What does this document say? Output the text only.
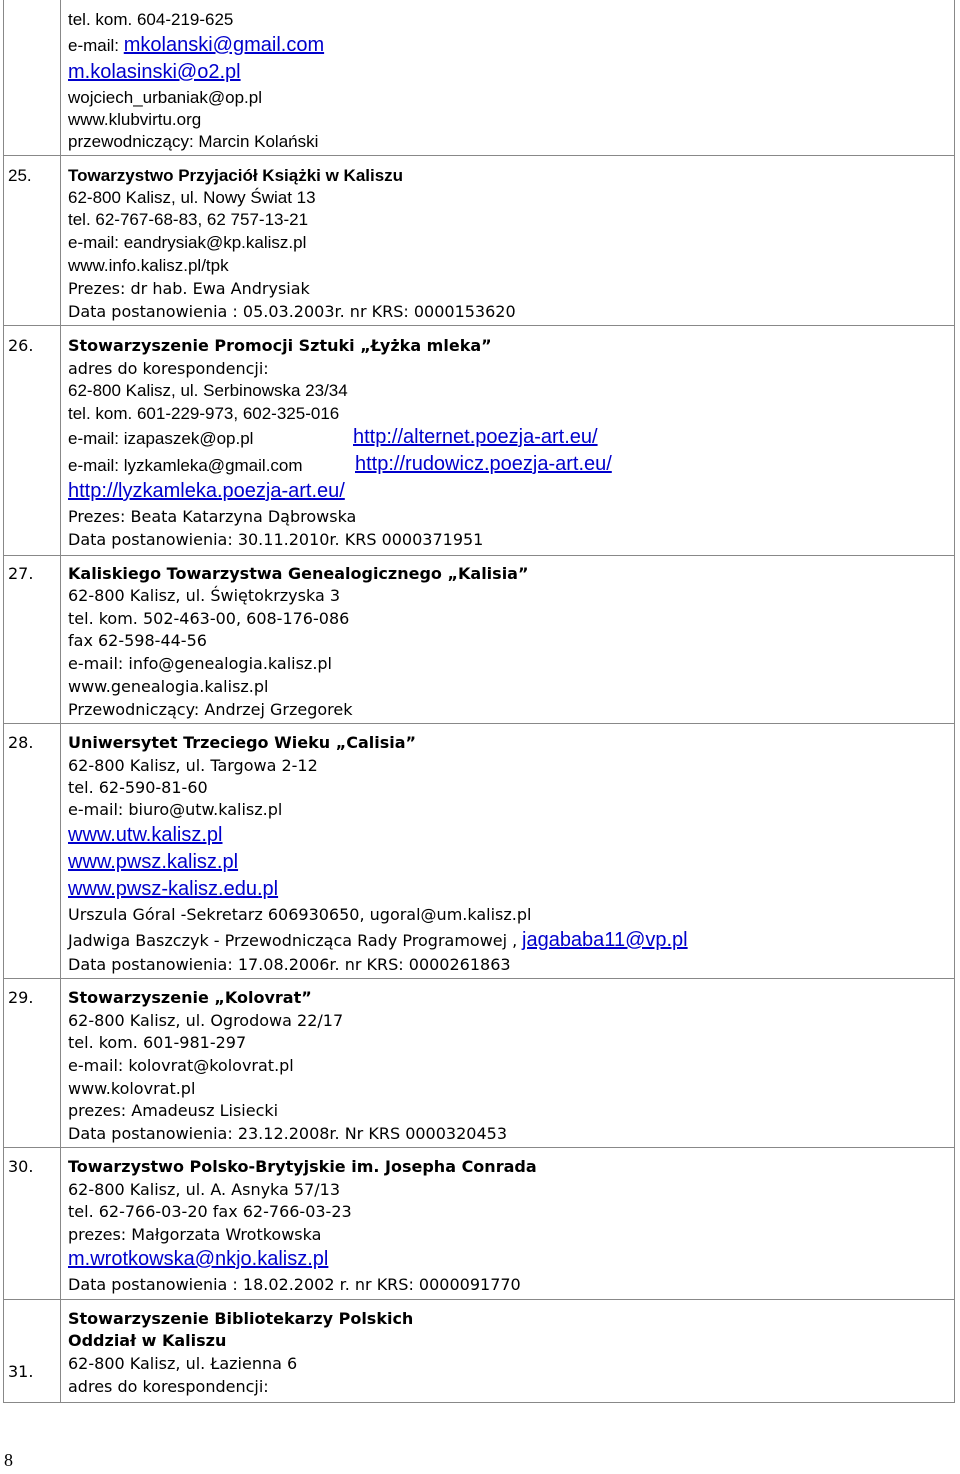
tel. kom. 604-219-625
e-mail: mkolanski@gmail.com
m.kolasinski@o2.pl
wojciech_urbaniak@op.pl
www.klubvirtu.org
przewodniczący: Marcin Kolański
25. Towarzystwo Przyjaciół Książki w Kaliszu
62-800 Kalisz, ul. Nowy Świat 13
tel. 62-767-68-83, 62 757-13-21
e-mail: eandrysiak@kp.kalisz.pl
www.info.kalisz.pl/tpk
Prezes: dr hab. Ewa Andrysiak
Data postanowienia : 05.03.2003r. nr KRS: 0000153620
26. Stowarzyszenie Promocji Sztuki „Łyżka mleka”
adres do korespondencji:
62-800 Kalisz, ul. Serbinowska 23/34
tel. kom. 601-229-973, 602-325-016
e-mail: izapaszek@op.pl	http://alternet.poezja-art.eu/
e-mail: lyzkamleka@gmail.com	http://rudowicz.poezja-art.eu/
http://lyzkamleka.poezja-art.eu/
Prezes: Beata Katarzyna Dąbrowska
Data postanowienia: 30.11.2010r. KRS 0000371951
27. Kaliskiego Towarzystwa Genealogicznego „Kalisia”
62-800 Kalisz, ul. Świętokrzyska 3
tel. kom. 502-463-00, 608-176-086
fax 62-598-44-56
e-mail: info@genealogia.kalisz.pl
www.genealogia.kalisz.pl
Przewodniczący: Andrzej Grzegorek
28. Uniwersytet Trzeciego Wieku „Calisia”
62-800 Kalisz, ul. Targowa 2-12
tel. 62-590-81-60
e-mail: biuro@utw.kalisz.pl
www.utw.kalisz.pl
www.pwsz.kalisz.pl
www.pwsz-kalisz.edu.pl
Urszula Góral -Sekretarz 606930650, ugoral@um.kalisz.pl
Jadwiga Baszczyk - Przewodnicząca Rady Programowej , jagababa11@vp.pl
Data postanowienia: 17.08.2006r. nr KRS: 0000261863
29. Stowarzyszenie „Kolovrat”
62-800 Kalisz, ul. Ogrodowa 22/17
tel. kom. 601-981-297
e-mail: kolovrat@kolovrat.pl
www.kolovrat.pl
prezes: Amadeusz Lisiecki
Data postanowienia: 23.12.2008r. Nr KRS 0000320453
30. Towarzystwo Polsko-Brytyjskie im. Josepha Conrada
62-800 Kalisz, ul. A. Asnyka 57/13
tel. 62-766-03-20 fax 62-766-03-23
prezes: Małgorzata Wrotkowska
m.wrotkowska@nkjo.kalisz.pl
Data postanowienia : 18.02.2002 r. nr KRS: 0000091770
31.
Stowarzyszenie Bibliotekarzy Polskich
Oddział w Kaliszu
62-800 Kalisz, ul. Łazienna 6
adres do korespondencji:
8
